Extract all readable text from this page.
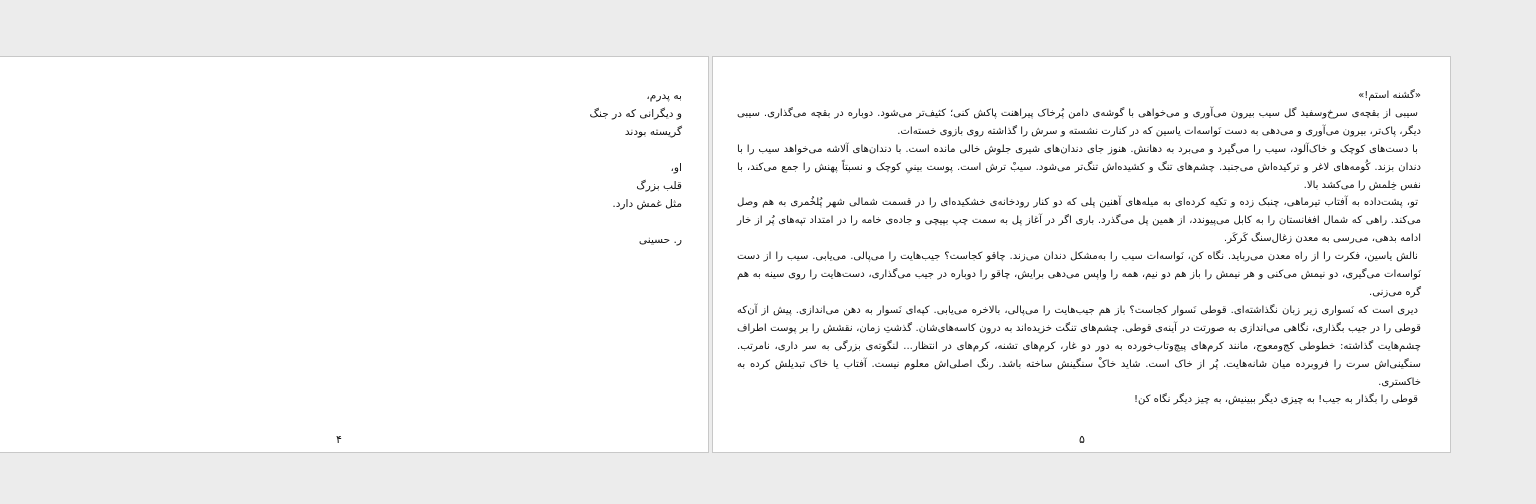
به پدرم،
و دیگرانی که در جنگ
گریسته بودند
او،
قلب بزرگ
مثل غمش دارد.
ر. حسینی
۴

«گشنه استم!»

سیبی از بقچه‌ی سرخ‌وسفید گل سیب بیرون می‌آوری و می‌خواهی با گوشه‌ی دامن پُرخاک پیراهنت پاکش کنی؛ کثیف‌تر می‌شود. دوباره در بقچه می‌گذاری. سیبی دیگر، پاک‌تر، بیرون می‌آوری و می‌دهی به دست نَواسه‌ات یاسین که در کنارت نشسته و سرش را گذاشته روی بازوی خسته‌ات.

با دست‌های کوچک و خاک‌آلود، سیب را می‌گیرد و می‌برد به دهانش. هنوز جای دندان‌های شیری جلوش خالی مانده است. با دندان‌های آلاشه می‌خواهد سیب را با دندان بزند. کُومه‌های لاغر و ترکیده‌اش می‌جنبد. چشم‌های تنگ و کشیده‌اش تنگ‌تر می‌شود. سیبْ ترش است. پوست بینیِ کوچک و نسبتاً پهنش را جمع می‌کند، با نفس خِلمش را می‌کشد بالا.

تو، پشت‌داده به آفتاب تیرماهی، چنبک زده و تکیه کرده‌ای به میله‌های آهنین پلی که دو کنار رودخانه‌ی خشکیده‌ای را در قسمت شمالی شهر پُلخُمری به هم وصل می‌کند. راهی که شمال افغانستان را به کابل می‌پیوندد، از همین پل می‌گذرد. باری اگر در آغاز پل به سمت چپ بپیچی و جاده‌ی خامه را در امتداد تپه‌های پُر از خار ادامه بدهی، می‌رسی به معدن زغال‌سنگ کَرکَر.

نالش یاسین، فکرت را از راه معدن می‌رباید. نگاه کن، نَواسه‌ات سیب را به‌مشکل دندان می‌زند. چاقو کجاست؟ جیب‌هایت را می‌پالی. می‌یابی. سیب را از دست نَواسه‌ات می‌گیری، دو نیمش می‌کنی و هر نیمش را باز هم دو نیم، همه را واپس می‌دهی برایش، چاقو را دوباره در جیب می‌گذاری، دست‌هایت را روی سینه به هم گره می‌زنی.

دیری است که نَسواری زیر زبان نگذاشته‌ای. قوطی نَسوار کجاست؟ باز هم جیب‌هایت را می‌پالی، بالاخره می‌یابی. کپه‌ای نَسوار به دهن می‌اندازی. پیش از آن‌که قوطی را در جیب بگذاری، نگاهی می‌اندازی به صورتت در آینه‌ی قوطی. چشم‌های تنگت خزیده‌اند به درون کاسه‌های‌شان. گذشتِ زمان، نقشش را بر پوست اطراف چشم‌هایت گذاشته: خطوطی کج‌ومعوج، مانند کرم‌های پیچ‌وتاب‌خورده به دور دو غار، کرم‌های تشنه، کرم‌های در انتظار... لنگوته‌ی بزرگی به سر داری، نامرتب. سنگینی‌اش سرت را فروبرده میان شانه‌هایت. پُر از خاک است. شاید خاکْ سنگینش ساخته باشد. رنگ اصلی‌اش معلوم نیست. آفتاب یا خاک تبدیلش کرده به خاکستری.

قوطی را بگذار به جیب! به چیزی دیگر ببینیش، به چیز دیگر نگاه کن!

۵
